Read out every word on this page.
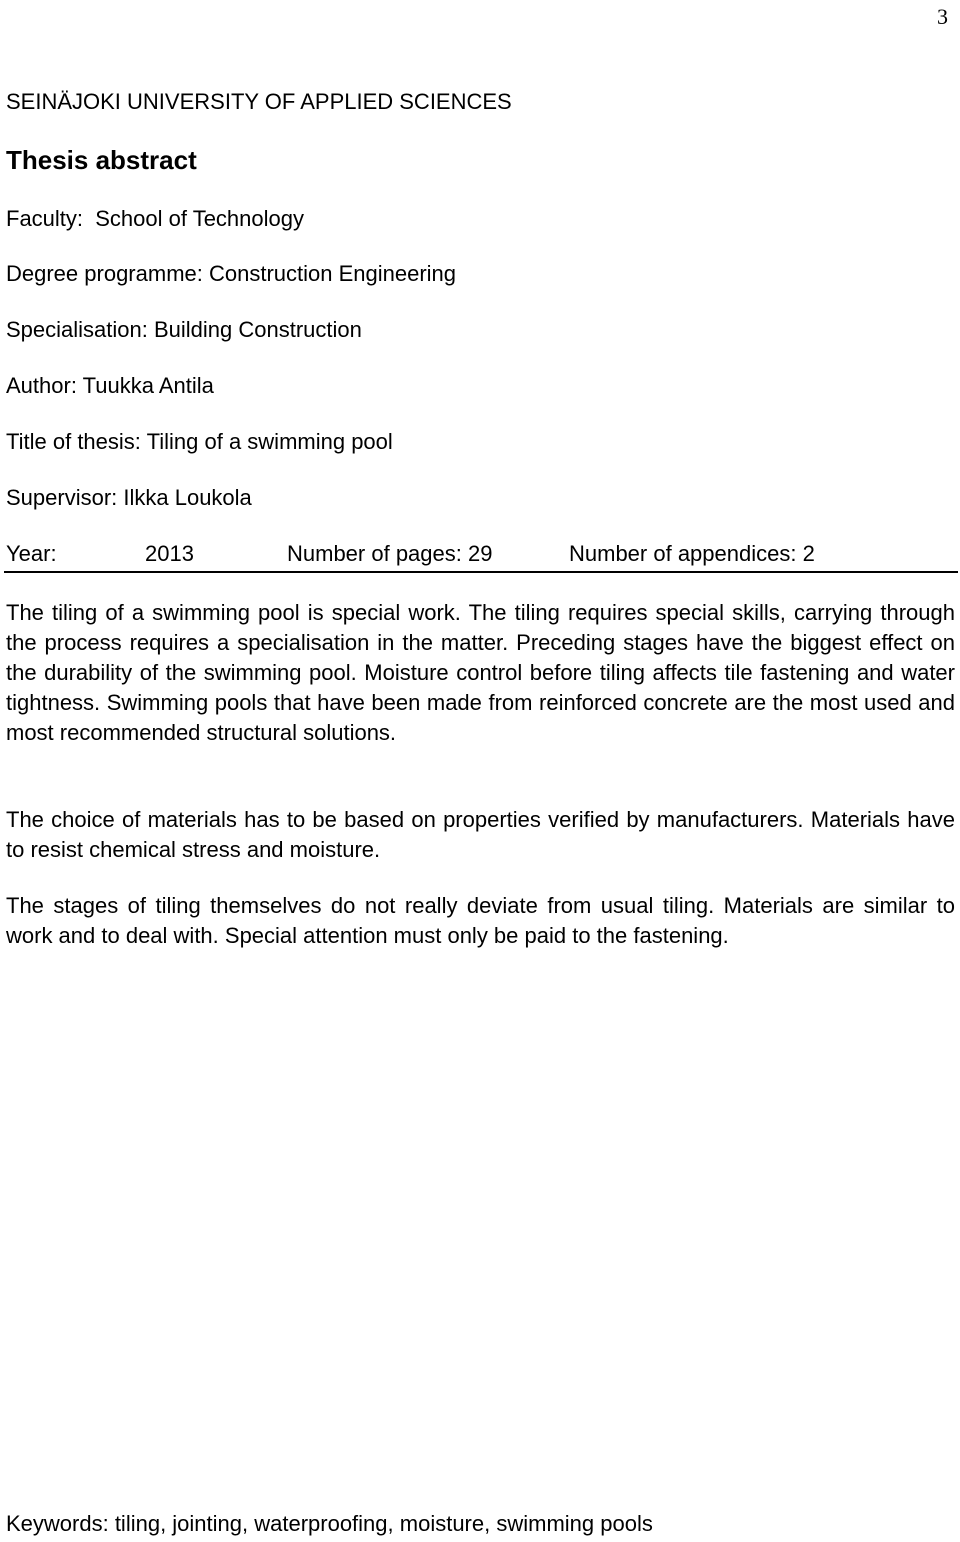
3
SEINÄJOKI UNIVERSITY OF APPLIED SCIENCES
Thesis abstract
Faculty:  School of Technology
Degree programme: Construction Engineering
Specialisation: Building Construction
Author: Tuukka Antila
Title of thesis: Tiling of a swimming pool
Supervisor: Ilkka Loukola
Year:	2013	Number of pages: 29	Number of appendices: 2

The tiling of a swimming pool is special work. The tiling requires special skills, carrying through the process requires a specialisation in the matter. Preceding stages have the biggest effect on the durability of the swimming pool. Moisture control before tiling affects tile fastening and water tightness. Swimming pools that have been made from reinforced concrete are the most used and most recommended structural solutions.

The choice of materials has to be based on properties verified by manufacturers. Materials have to resist chemical stress and moisture.

The stages of tiling themselves do not really deviate from usual tiling. Materials are similar to work and to deal with. Special attention must only be paid to the fastening.

Keywords: tiling, jointing, waterproofing, moisture, swimming pools
